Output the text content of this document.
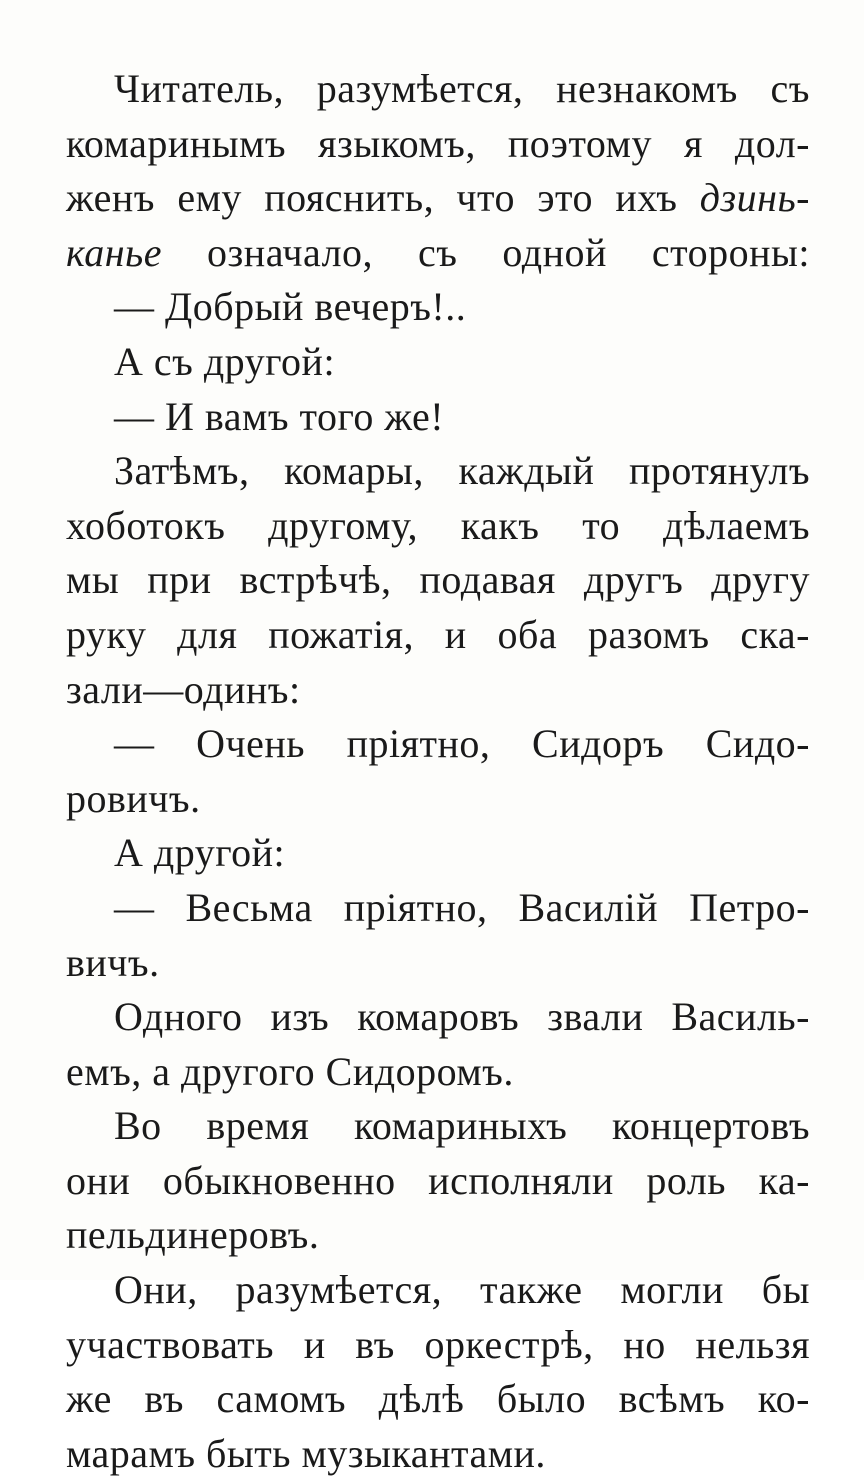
Читатель, разумѣется, незнакомъ съ
комаринымъ языкомъ, поэтому я дол-
женъ ему пояснить, что это ихъ дзинь-
канье означало, съ одной стороны:
— Добрый вечеръ!..
А съ другой:
— И вамъ того же!
Затѣмъ, комары, каждый протянулъ
хоботокъ другому, какъ то дѣлаемъ
мы при встрѣчѣ, подавая другъ другу
руку для пожатія, и оба разомъ ска-
зали—одинъ:
— Очень пріятно, Сидоръ Сидо-
ровичъ.
А другой:
— Весьма пріятно, Василій Петро-
вичъ.
Одного изъ комаровъ звали Василь-
емъ, а другого Сидоромъ.
Во время комариныхъ концертовъ
они обыкновенно исполняли роль ка-
пельдинеровъ.
Они, разумѣется, также могли бы
участвовать и въ оркестрѣ, но нельзя
же въ самомъ дѣлѣ было всѣмъ ко-
марамъ быть музыкантами.
